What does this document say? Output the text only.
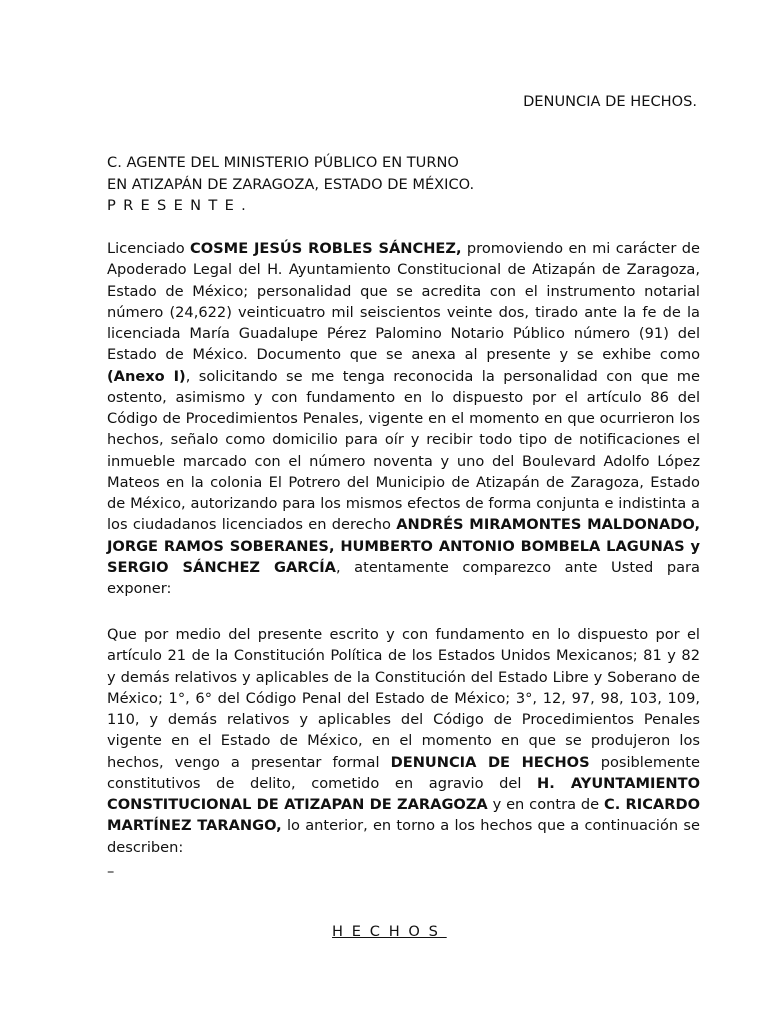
DENUNCIA DE HECHOS.
C. AGENTE DEL MINISTERIO PÚBLICO EN TURNO
EN ATIZAPÁN DE ZARAGOZA, ESTADO DE MÉXICO.
PRESENTE.

Licenciado COSME JESÚS ROBLES SÁNCHEZ, promoviendo en mi carácter de Apoderado Legal del H. Ayuntamiento Constitucional de Atizapán de Zaragoza, Estado de México; personalidad que se acredita con el instrumento notarial número (24,622) veinticuatro mil seiscientos veinte dos, tirado ante la fe de la licenciada María Guadalupe Pérez Palomino Notario Público número (91) del Estado de México. Documento que se anexa al presente y se exhibe como (Anexo I), solicitando se me tenga reconocida la personalidad con que me ostento, asimismo y con fundamento en lo dispuesto por el artículo 86 del Código de Procedimientos Penales, vigente en el momento en que ocurrieron los hechos, señalo como domicilio para oír y recibir todo tipo de notificaciones el inmueble marcado con el número noventa y uno del Boulevard Adolfo López Mateos en la colonia El Potrero del Municipio de Atizapán de Zaragoza, Estado de México, autorizando para los mismos efectos de forma conjunta e indistinta a los ciudadanos licenciados en derecho ANDRÉS MIRAMONTES MALDONADO, JORGE RAMOS SOBERANES, HUMBERTO ANTONIO BOMBELA LAGUNAS y SERGIO SÁNCHEZ GARCÍA, atentamente comparezco ante Usted para exponer:

Que por medio del presente escrito y con fundamento en lo dispuesto por el artículo 21 de la Constitución Política de los Estados Unidos Mexicanos; 81 y 82 y demás relativos y aplicables de la Constitución del Estado Libre y Soberano de México; 1°, 6° del Código Penal del Estado de México; 3°, 12, 97, 98, 103, 109, 110, y demás relativos y aplicables del Código de Procedimientos Penales vigente en el Estado de México, en el momento en que se produjeron los hechos, vengo a presentar formal DENUNCIA DE HECHOS posiblemente constitutivos de delito, cometido en agravio del H. AYUNTAMIENTO CONSTITUCIONAL DE ATIZAPAN DE ZARAGOZA y en contra de C. RICARDO MARTÍNEZ TARANGO, lo anterior, en torno a los hechos que a continuación se describen:

–
HECHOS
